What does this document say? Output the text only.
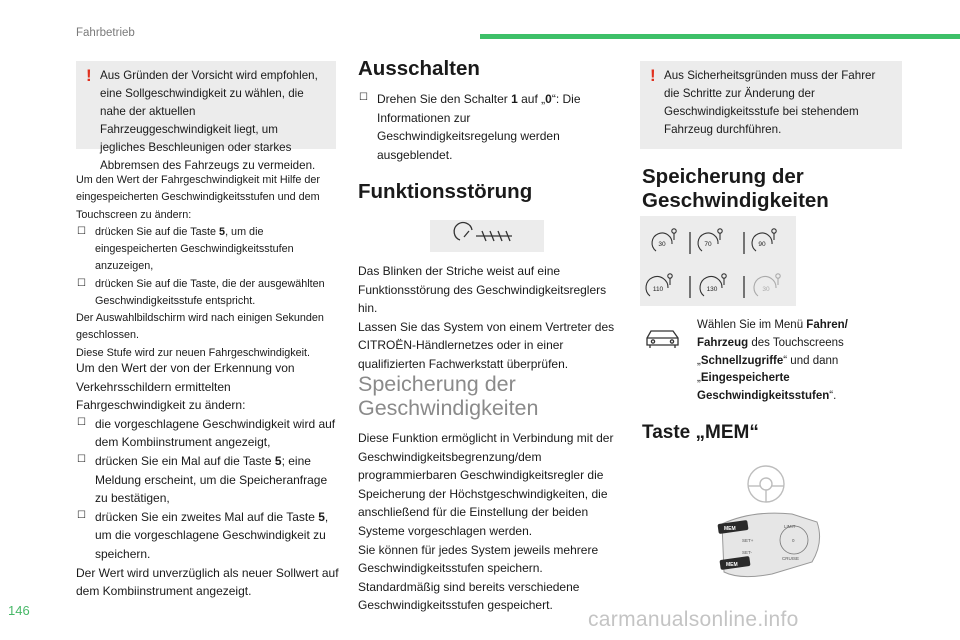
Fahrbetrieb
146	carmanualsonline.info
! Aus Gründen der Vorsicht wird empfohlen, eine Sollgeschwindigkeit zu wählen, die nahe der aktuellen Fahrzeuggeschwindigkeit liegt, um jegliches Beschleunigen oder starkes Abbremsen des Fahrzeugs zu vermeiden.

Um den Wert der Fahrgeschwindigkeit mit Hilfe der eingespeicherten Geschwindigkeitsstufen und dem Touchscreen zu ändern:

☐ drücken Sie auf die Taste 5, um die eingespeicherten Geschwindigkeitsstufen anzuzeigen,
☐ drücken Sie auf die Taste, die der ausgewählten Geschwindigkeitsstufe entspricht.

Der Auswahlbildschirm wird nach einigen Sekunden geschlossen.

Diese Stufe wird zur neuen Fahrgeschwindigkeit.

Um den Wert der von der Erkennung von Verkehrsschildern ermittelten Fahrgeschwindigkeit zu ändern:

☐ die vorgeschlagene Geschwindigkeit wird auf dem Kombiinstrument angezeigt,
☐ drücken Sie ein Mal auf die Taste 5; eine Meldung erscheint, um die Speicheranfrage zu bestätigen,
☐ drücken Sie ein zweites Mal auf die Taste 5, um die vorgeschlagene Geschwindigkeit zu speichern.

Der Wert wird unverzüglich als neuer Sollwert auf dem Kombiinstrument angezeigt.

Ausschalten
☐ Drehen Sie den Schalter 1 auf „0“: Die Informationen zur Geschwindigkeitsregelung werden ausgeblendet.
Funktionsstörung

Das Blinken der Striche weist auf eine Funktionsstörung des Geschwindigkeitsreglers hin.

Lassen Sie das System von einem Vertreter des CITROËN-Händlernetzes oder in einer qualifizierten Fachwerkstatt überprüfen.

Speicherung der
Geschwindigkeiten

Diese Funktion ermöglicht in Verbindung mit der Geschwindigkeitsbegrenzung/dem programmierbaren Geschwindigkeitsregler die Speicherung der Höchstgeschwindigkeiten, die anschließend für die Einstellung der beiden Systeme vorgeschlagen werden.

Sie können für jedes System jeweils mehrere Geschwindigkeitsstufen speichern.

Standardmäßig sind bereits verschiedene Geschwindigkeitsstufen gespeichert.

! Aus Sicherheitsgründen muss der Fahrer die Schritte zur Änderung der Geschwindigkeitsstufe bei stehendem Fahrzeug durchführen.
Speicherung der
Geschwindigkeiten
30	70	90
110	130	30
Wählen Sie im Menü Fahren/ Fahrzeug des Touchscreens „Schnellzugriffe“ und dann „Eingespeicherte Geschwindigkeitsstufen“.
Taste „MEM“
MEM
MEM
SET+
SET-
LIMIT
0
CRUISE
